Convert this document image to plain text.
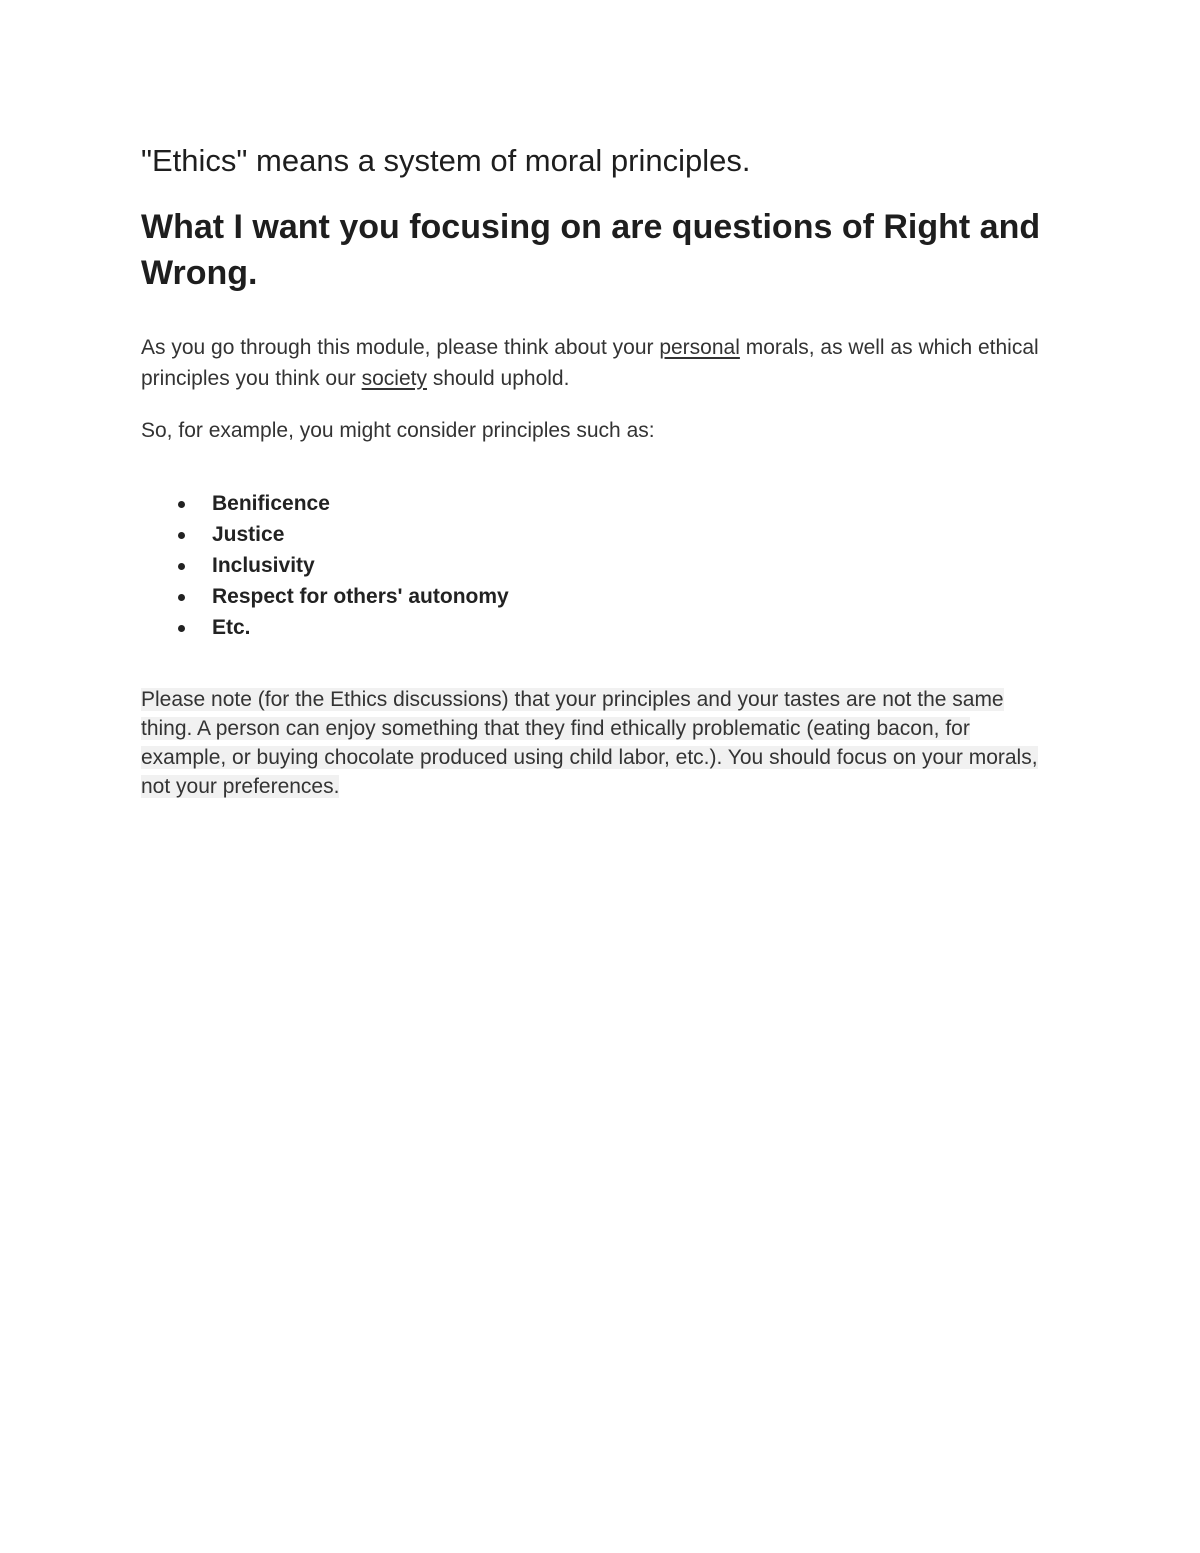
"Ethics" means a system of moral principles.

What I want you focusing on are questions of Right and Wrong.

As you go through this module, please think about your personal morals, as well as which ethical principles you think our society should uphold.

So, for example, you might consider principles such as:

Benificence
Justice
Inclusivity
Respect for others' autonomy
Etc.

Please note (for the Ethics discussions) that your principles and your tastes are not the same thing. A person can enjoy something that they find ethically problematic (eating bacon, for example, or buying chocolate produced using child labor, etc.). You should focus on your morals, not your preferences.
